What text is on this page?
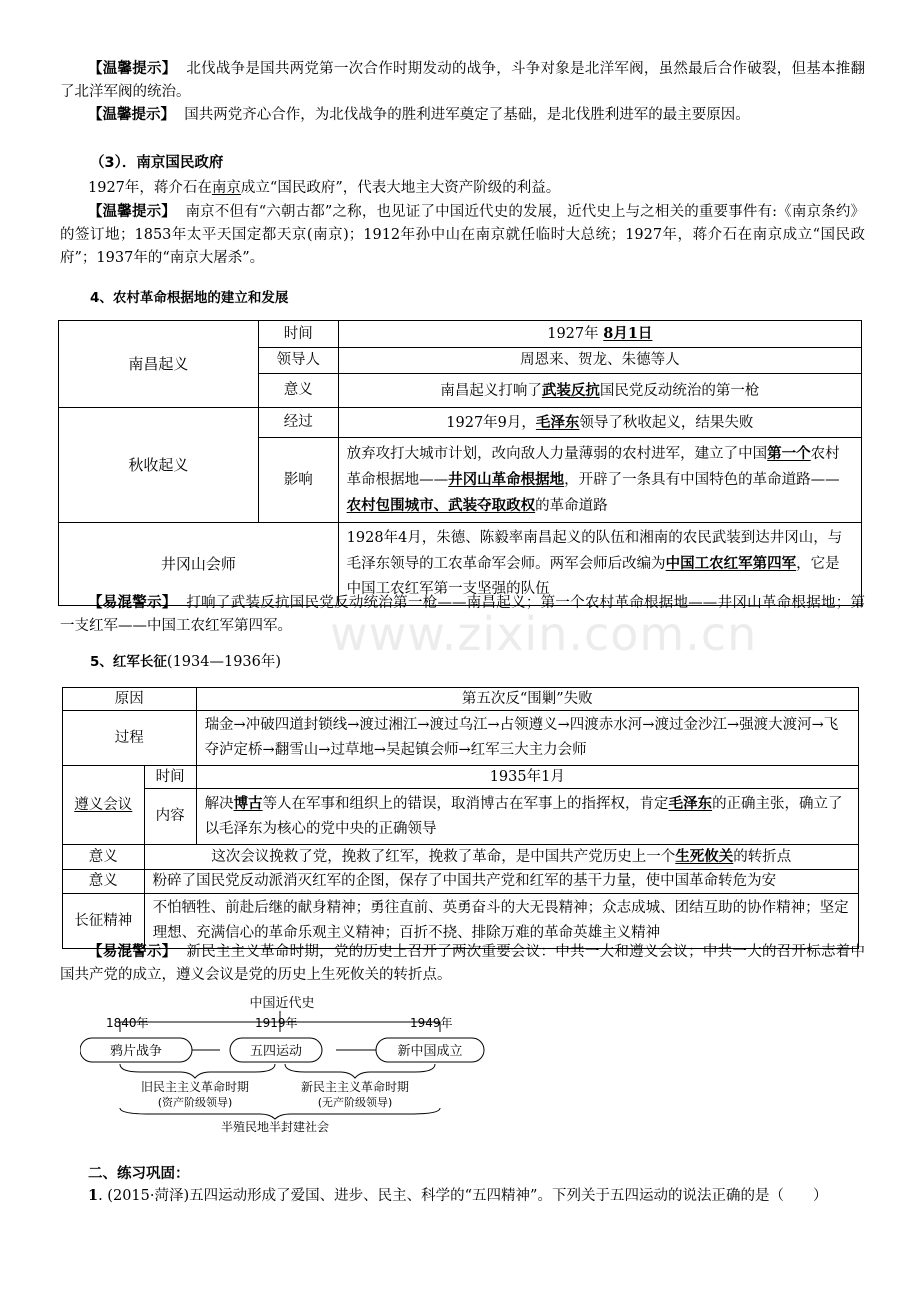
【温馨提示】 北伐战争是国共两党第一次合作时期发动的战争，斗争对象是北洋军阀，虽然最后合作破裂，但基本推翻了北洋军阀的统治。
【温馨提示】 国共两党齐心合作，为北伐战争的胜利进军奠定了基础，是北伐胜利进军的最主要原因。
（3）．南京国民政府
1927年，蒋介石在南京成立“国民政府”，代表大地主大资产阶级的利益。
【温馨提示】 南京不但有“六朝古都”之称，也见证了中国近代史的发展，近代史上与之相关的重要事件有:《南京条约》的签订地；1853年太平天国定都天京(南京)；1912年孙中山在南京就任临时大总统；1927年，蒋介石在南京成立“国民政府”；1937年的“南京大屠杀”。
4、农村革命根据地的建立和发展
南昌起义	时间	1927年 8月1日
	领导人	周恩来、贺龙、朱德等人
	意义	南昌起义打响了武装反抗国民党反动统治的第一枪
秋收起义	经过	1927年9月，毛泽东领导了秋收起义，结果失败
	影响	放弃攻打大城市计划，改向敌人力量薄弱的农村进军，建立了中国第一个农村革命根据地——井冈山革命根据地，开辟了一条具有中国特色的革命道路——农村包围城市、武装夺取政权的革命道路
井冈山会师		1928年4月，朱德、陈毅率南昌起义的队伍和湘南的农民武装到达井冈山，与毛泽东领导的工农革命军会师。两军会师后改编为中国工农红军第四军，它是中国工农红军第一支坚强的队伍
【易混警示】 打响了武装反抗国民党反动统治第一枪——南昌起义；第一个农村革命根据地——井冈山革命根据地；第一支红军——中国工农红军第四军。 www.zixin.com.cn
5、红军长征(1934—1936年)
原因		第五次反“围剿”失败
过程		瑞金→冲破四道封锁线→渡过湘江→渡过乌江→占领遵义→四渡赤水河→渡过金沙江→强渡大渡河→飞夺泸定桥→翻雪山→过草地→吴起镇会师→红军三大主力会师
遵义会议	时间	1935年1月
	内容	解决博古等人在军事和组织上的错误，取消博古在军事上的指挥权，肯定毛泽东的正确主张，确立了以毛泽东为核心的党中央的正确领导
意义	这次会议挽救了党，挽救了红军，挽救了革命，是中国共产党历史上一个生死攸关的转折点	
意义	粉碎了国民党反动派消灭红军的企图，保存了中国共产党和红军的基干力量，使中国革命转危为安	
长征精神	不怕牺牲、前赴后继的献身精神；勇往直前、英勇奋斗的大无畏精神；众志成城、团结互助的协作精神；坚定理想、充满信心的革命乐观主义精神；百折不挠、排除万难的革命英雄主义精神	
【易混警示】 新民主主义革命时期，党的历史上召开了两次重要会议：中共一大和遵义会议；中共一大的召开标志着中国共产党的成立，遵义会议是党的历史上生死攸关的转折点。
中国近代史
1840年	1919年	1949年
鸦片战争	五四运动	新中国成立
旧民主主义革命时期
(资产阶级领导)
新民主主义革命时期
(无产阶级领导)
半殖民地半封建社会
二、练习巩固：
1. (2015·菏泽)五四运动形成了爱国、进步、民主、科学的“五四精神”。下列关于五四运动的说法正确的是（　　）
